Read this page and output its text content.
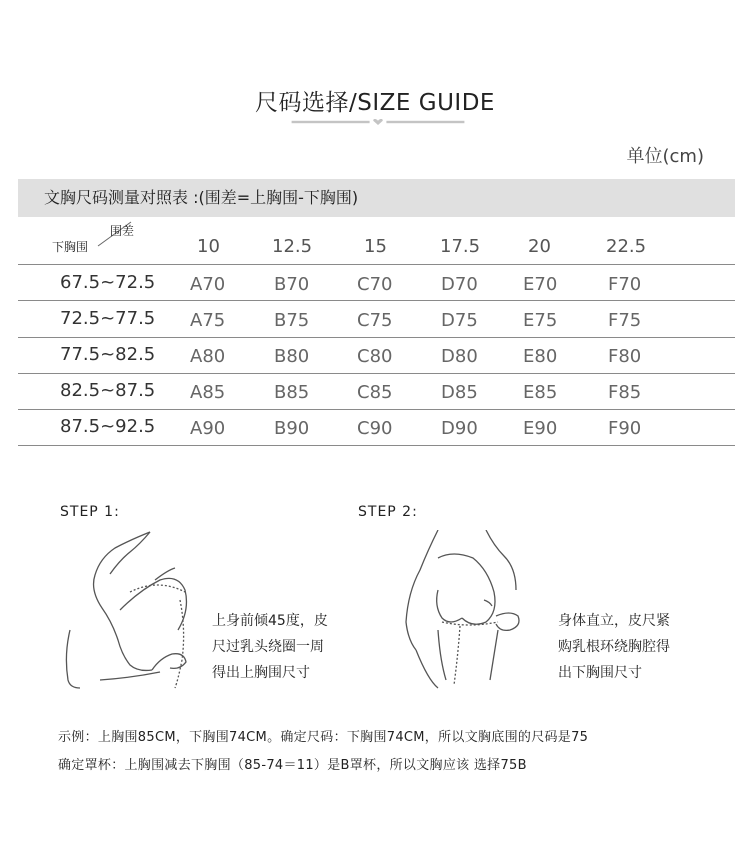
尺码选择/SIZE GUIDE
单位(cm)
文胸尺码测量对照表 :(围差=上胸围-下胸围)
围差
下胸围	10	12.5	15	17.5	20	22.5
67.5~72.5 A70	B70	C70	D70	E70	F70
72.5~77.5 A75	B75	C75	D75	E75	F75
77.5~82.5 A80	B80	C80	D80	E80	F80
82.5~87.5 A85	B85	C85	D85	E85	F85
87.5~92.5 A90	B90	C90	D90	E90	F90
STEP 1:
上身前倾45度，皮
尺过乳头绕圈一周
得出上胸围尺寸
STEP 2:
身体直立，皮尺紧
购乳根环绕胸腔得
出下胸围尺寸
示例：上胸围85CM，下胸围74CM。确定尺码：下胸围74CM，所以文胸底围的尺码是75
确定罩杯：上胸围减去下胸围（85-74＝11）是B罩杯，所以文胸应该 选择75B
